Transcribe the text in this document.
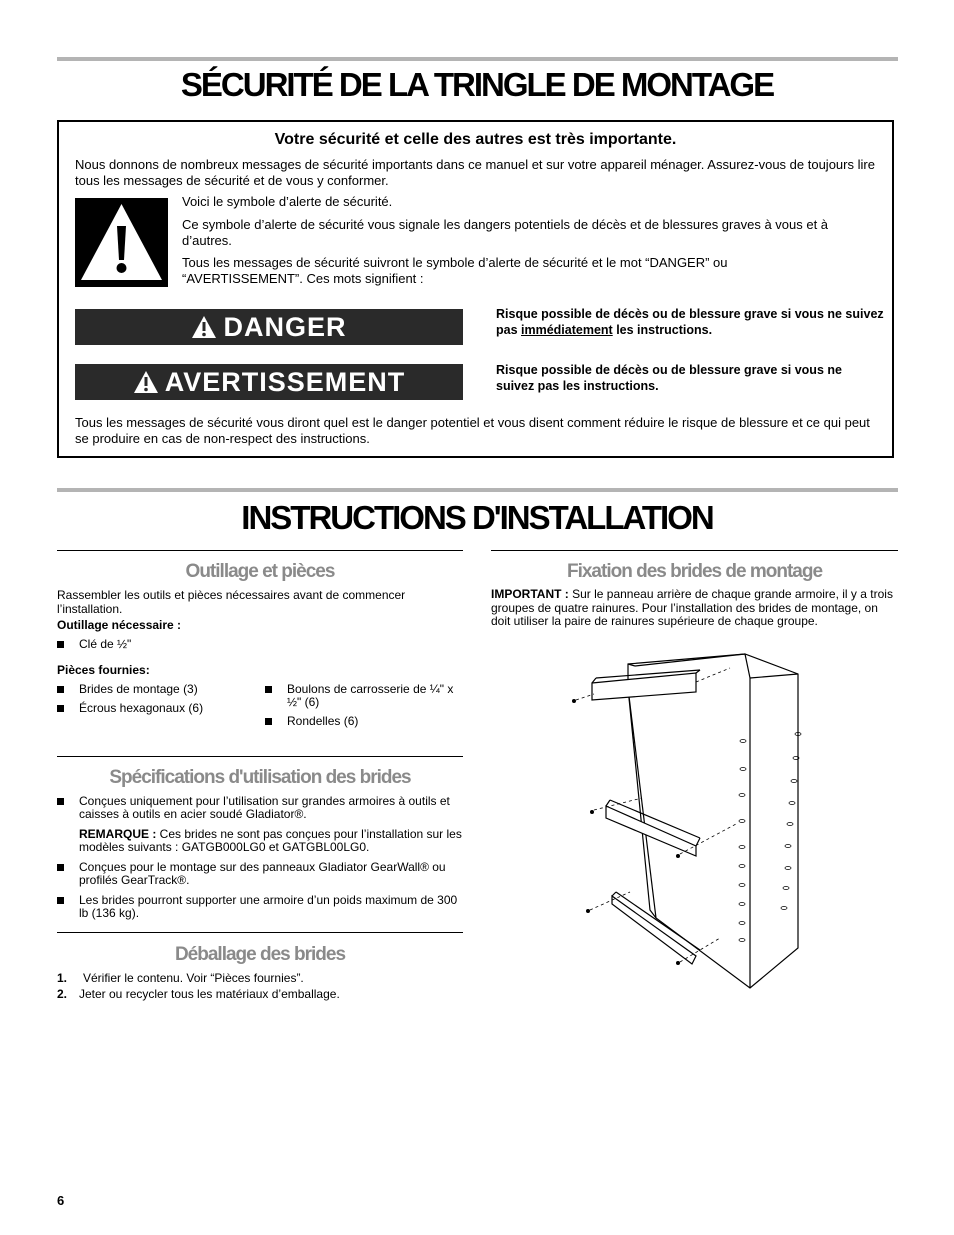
SÉCURITÉ DE LA TRINGLE DE MONTAGE
Votre sécurité et celle des autres est très importante.
Nous donnons de nombreux messages de sécurité importants dans ce manuel et sur votre appareil ménager. Assurez-vous de toujours lire tous les messages de sécurité et de vous y conformer.
Voici le symbole d’alerte de sécurité.
Ce symbole d’alerte de sécurité vous signale les dangers potentiels de décès et de blessures graves à vous et à d’autres.
Tous les messages de sécurité suivront le symbole d’alerte de sécurité et le mot “DANGER” ou “AVERTISSEMENT”. Ces mots signifient :
DANGER	Risque possible de décès ou de blessure grave si vous ne suivez pas immédiatement les instructions.
AVERTISSEMENT	Risque possible de décès ou de blessure grave si vous ne suivez pas les instructions.
Tous les messages de sécurité vous diront quel est le danger potentiel et vous disent comment réduire le risque de blessure et ce qui peut se produire en cas de non-respect des instructions.
INSTRUCTIONS D'INSTALLATION
Outillage et pièces
Rassembler les outils et pièces nécessaires avant de commencer l’installation.
Outillage nécessaire :
Clé de ½"
Pièces fournies:
Brides de montage (3)
Écrous hexagonaux (6)
Boulons de carrosserie de ¼" x ½" (6)
Rondelles (6)
Spécifications d'utilisation des brides
Conçues uniquement pour l’utilisation sur grandes armoires à outils et caisses à outils en acier soudé Gladiator®.
REMARQUE : Ces brides ne sont pas conçues pour l’installation sur les modèles suivants : GATGB000LG0 et GATGBL00LG0.
Conçues pour le montage sur des panneaux Gladiator GearWall® ou profilés GearTrack®.
Les brides pourront supporter une armoire d’un poids maximum de 300 lb (136 kg).
Déballage des brides
1. Vérifier le contenu. Voir “Pièces fournies”.
2. Jeter ou recycler tous les matériaux d’emballage.
Fixation des brides de montage
IMPORTANT : Sur le panneau arrière de chaque grande armoire, il y a trois groupes de quatre rainures. Pour l’installation des brides de montage, on doit utiliser la paire de rainures supérieure de chaque groupe.
6
